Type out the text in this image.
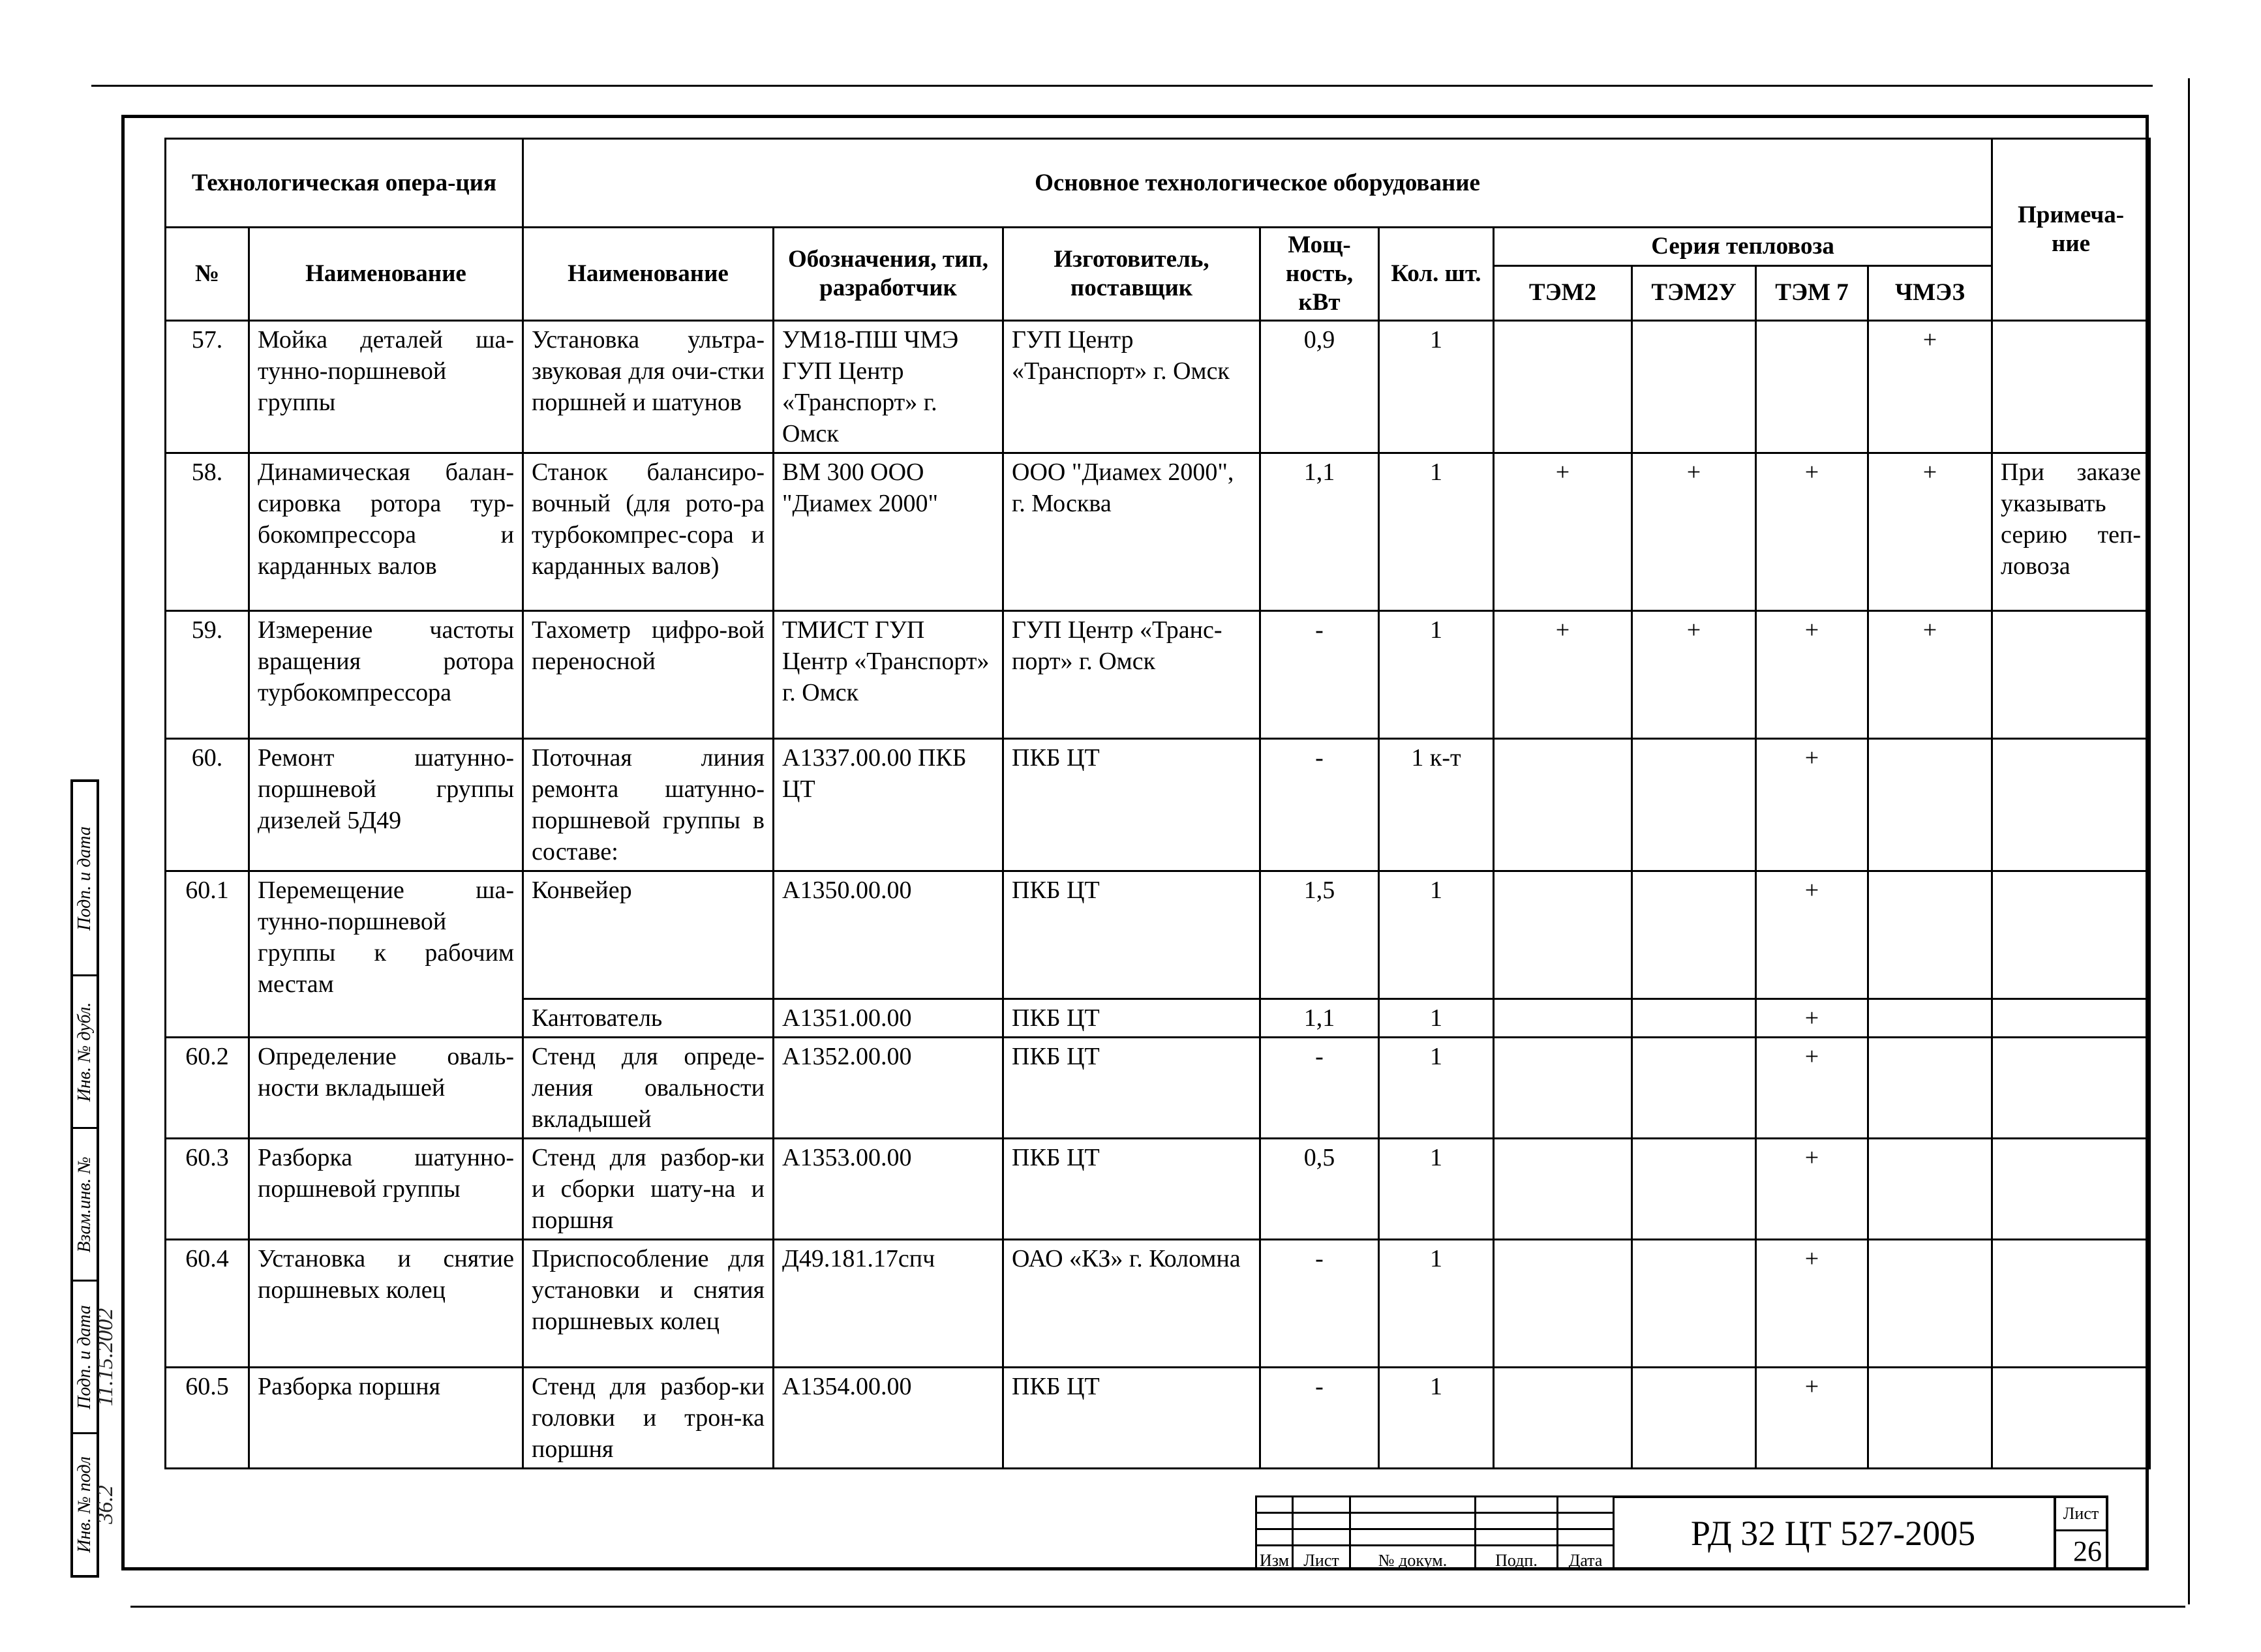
Технологическая опера-ция		Основное технологическое оборудование									Примеча-ние
№	Наименование	Наименование	Обозначения, тип, разработчик	Изготовитель, поставщик	Мощ-ность, кВт	Кол. шт.	Серия тепловоза				
							ТЭМ2	ТЭМ2У	ТЭМ 7	ЧМЭЗ	
57.	Мойка деталей ша-тунно-поршневой группы	Установка ультра-звуковая для очи-стки поршней и шатунов	УМ18-ПШ ЧМЭ ГУП Центр «Транспорт» г. Омск	ГУП Центр «Транспорт» г. Омск	0,9	1				+	
58.	Динамическая балан-сировка ротора тур-бокомпрессора и карданных валов	Станок балансиро-вочный (для рото-ра турбокомпрес-сора и карданных валов)	ВМ 300 ООО "Диамех 2000"	ООО "Диамех 2000", г. Москва	1,1	1	+	+	+	+	При заказе указывать серию теп-ловоза
59.	Измерение частоты вращения ротора турбокомпрессора	Тахометр цифро-вой переносной	ТМИСТ ГУП Центр «Транспорт» г. Омск	ГУП Центр «Транс-порт» г. Омск	-	1	+	+	+	+	
60.	Ремонт шатунно-поршневой группы дизелей 5Д49	Поточная линия ремонта шатунно-поршневой группы в составе:	А1337.00.00 ПКБ ЦТ	ПКБ ЦТ	-	1 к-т			+		
60.1	Перемещение ша-тунно-поршневой группы к рабочим местам	Конвейер	А1350.00.00	ПКБ ЦТ	1,5	1			+		
		Кантователь	А1351.00.00	ПКБ ЦТ	1,1	1			+		
60.2	Определение оваль-ности вкладышей	Стенд для опреде-ления овальности вкладышей	А1352.00.00	ПКБ ЦТ	-	1			+		
60.3	Разборка шатунно-поршневой группы	Стенд для разбор-ки и сборки шату-на и поршня	А1353.00.00	ПКБ ЦТ	0,5	1			+		
60.4	Установка и снятие поршневых колец	Приспособление для установки и снятия поршневых колец	Д49.181.17спч	ОАО «КЗ» г. Коломна	-	1			+		
60.5	Разборка поршня	Стенд для разбор-ки головки и трон-ка поршня	А1354.00.00	ПКБ ЦТ	-	1			+		
Подп. и дата
Инв. № дубл.
Взам.инв. №
Подп. и дата
11.15.2002
Инв. № подл
36.2

Изм	Лист	№ докум.	Подп.	Дата
РД 32 ЦТ 527-2005	Лист
26
